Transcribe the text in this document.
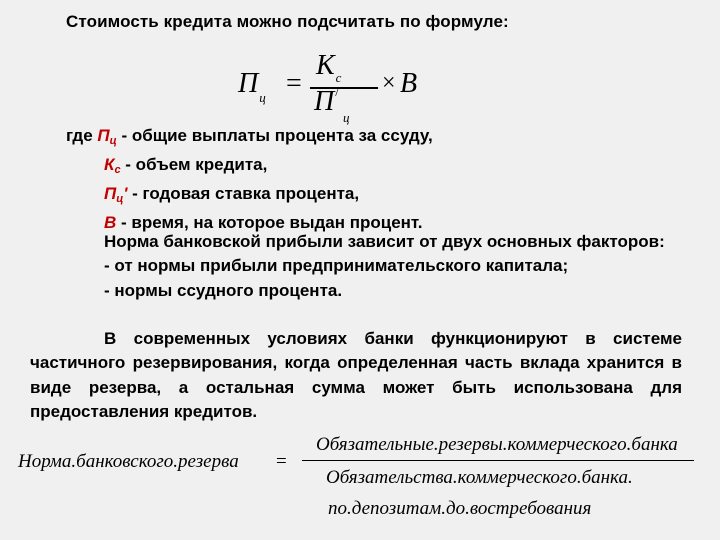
Стоимость кредита можно подсчитать по формуле:
$П_ц$ =
$К_с$
П/
ц
× В
где $П_ц$ - общие выплаты процента за ссуду,
$К_с$ - объем кредита,
$П_ц'$ - годовая ставка процента,
В - время, на которое выдан процент.
Норма банковской прибыли зависит от двух основных факторов:
- от нормы прибыли предпринимательского капитала;
- нормы ссудного процента.
В современных условиях банки функционируют в системе частичного резервирования, когда определенная часть вклада хранится в виде резерва, а остальная сумма может быть использована для предоставления кредитов.
Норма.банковского.резерва =
Обязательные.резервы.коммерческого.банка
Обязательства.коммерческого.банка.
по.депозитам.до.востребования
